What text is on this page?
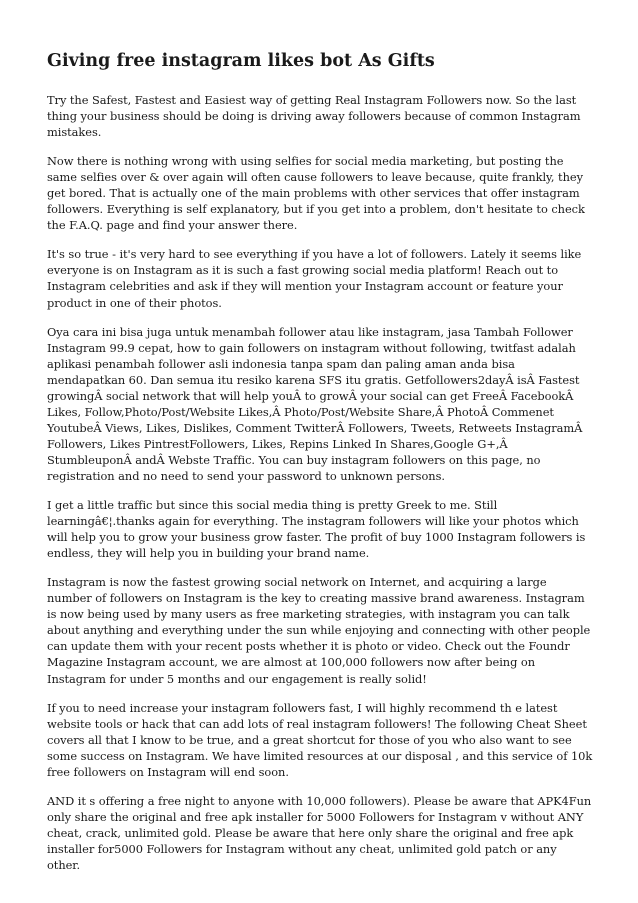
Giving free instagram likes bot As Gifts

Try the Safest, Fastest and Easiest way of getting Real Instagram Followers now. So the last thing your business should be doing is driving away followers because of common Instagram mistakes.

Now there is nothing wrong with using selfies for social media marketing, but posting the same selfies over & over again will often cause followers to leave because, quite frankly, they get bored. That is actually one of the main problems with other services that offer instagram followers. Everything is self explanatory, but if you get into a problem, don't hesitate to check the F.A.Q. page and find your answer there.

It's so true - it's very hard to see everything if you have a lot of followers. Lately it seems like everyone is on Instagram as it is such a fast growing social media platform! Reach out to Instagram celebrities and ask if they will mention your Instagram account or feature your product in one of their photos.

Oya cara ini bisa juga untuk menambah follower atau like instagram, jasa Tambah Follower Instagram 99.9 cepat, how to gain followers on instagram without following, twitfast adalah aplikasi penambah follower asli indonesia tanpa spam dan paling aman anda bisa mendapatkan 60. Dan semua itu resiko karena SFS itu gratis. Getfollowers2dayÂ isÂ Fastest growingÂ social network that will help youÂ to growÂ your social can get FreeÂ FacebookÂ Likes, Follow,Photo/Post/Website Likes,Â Photo/Post/Website Share,Â PhotoÂ Commenet YoutubeÂ Views, Likes, Dislikes, Comment TwitterÂ Followers, Tweets, Retweets InstagramÂ Followers, Likes PintrestFollowers, Likes, Repins Linked In Shares,Google G+,Â StumbleuponÂ andÂ Webste Traffic. You can buy instagram followers on this page, no registration and no need to send your password to unknown persons.

I get a little traffic but since this social media thing is pretty Greek to me. Still learningâ€¦.thanks again for everything. The instagram followers will like your photos which will help you to grow your business grow faster. The profit of buy 1000 Instagram followers is endless, they will help you in building your brand name.

Instagram is now the fastest growing social network on Internet, and acquiring a large number of followers on Instagram is the key to creating massive brand awareness. Instagram is now being used by many users as free marketing strategies, with instagram you can talk about anything and everything under the sun while enjoying and connecting with other people can update them with your recent posts whether it is photo or video. Check out the Foundr Magazine Instagram account, we are almost at 100,000 followers now after being on Instagram for under 5 months and our engagement is really solid!

If you to need increase your instagram followers fast, I will highly recommend th e latest website tools or hack that can add lots of real instagram followers! The following Cheat Sheet covers all that I know to be true, and a great shortcut for those of you who also want to see some success on Instagram. We have limited resources at our disposal , and this service of 10k free followers on Instagram will end soon.

AND it s offering a free night to anyone with 10,000 followers). Please be aware that APK4Fun only share the original and free apk installer for 5000 Followers for Instagram v without ANY cheat, crack, unlimited gold. Please be aware that here only share the original and free apk installer for5000 Followers for Instagram without any cheat, unlimited gold patch or any other.
